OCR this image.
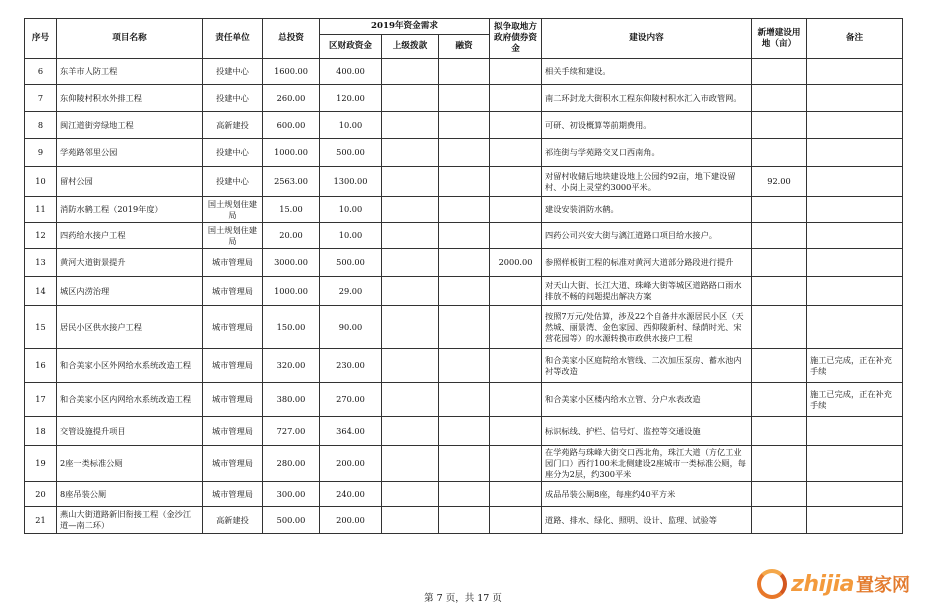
序号	项目名称	责任单位	总投资	2019年资金需求			拟争取地方政府债券资金	建设内容	新增建设用地（亩）	备注
				区财政资金	上级拨款	融资				
6	东羊市人防工程	投建中心	1600.00	400.00				相关手续和建设。		
7	东仰陵村积水外排工程	投建中心	260.00	120.00				南二环封龙大街积水工程东仰陵村积水汇入市政管网。		
8	闽江道街旁绿地工程	高新建投	600.00	10.00				可研、初设概算等前期费用。		
9	学苑路邻里公园	投建中心	1000.00	500.00				祁连街与学苑路交叉口西南角。		
10	留村公园	投建中心	2563.00	1300.00				对留村收储后地块建设地上公园约92亩，地下建设留村、小岗上灵堂约3000平米。	92.00	
11	消防水鹤工程（2019年度）	国土规划住建局	15.00	10.00				建设安装消防水鹤。		
12	四药给水接户工程	国土规划住建局	20.00	10.00				四药公司兴安大街与漓江道路口项目给水接户。		
13	黄河大道街景提升	城市管理局	3000.00	500.00			2000.00	参照样板街工程的标准对黄河大道部分路段进行提升		
14	城区内涝治理	城市管理局	1000.00	29.00				对天山大街、长江大道、珠峰大街等城区道路路口雨水排放不畅的问题提出解决方案		
15	居民小区供水接户工程	城市管理局	150.00	90.00				按照7万元/处估算，涉及22个自备井水源居民小区（天然城、丽景湾、金色家园、西仰陵新村、绿荫时光、宋营花园等）的水源转换市政供水接户工程		
16	和合美家小区外网给水系统改造工程	城市管理局	320.00	230.00				和合美家小区庭院给水管线、二次加压泵房、蓄水池内衬等改造		施工已完成，正在补充手续
17	和合美家小区内网给水系统改造工程	城市管理局	380.00	270.00				和合美家小区楼内给水立管、分户水表改造		施工已完成，正在补充手续
18	交管设施提升项目	城市管理局	727.00	364.00				标识标线、护栏、信号灯、监控等交通设施		
19	2座一类标准公厕	城市管理局	280.00	200.00				在学苑路与珠峰大街交口西北角，珠江大道（方亿工业园门口）西行100米北侧建设2座城市一类标准公厕，每座分为2层，约300平米		
20	8座吊装公厕	城市管理局	300.00	240.00				成品吊装公厕8座，每座约40平方米		
21	燕山大街道路新旧衔接工程（金沙江道—南二环）	高新建投	500.00	200.00				道路、排水、绿化、照明、设计、监理、试验等		
第 7 页，共 17 页
zhijia 置家网
